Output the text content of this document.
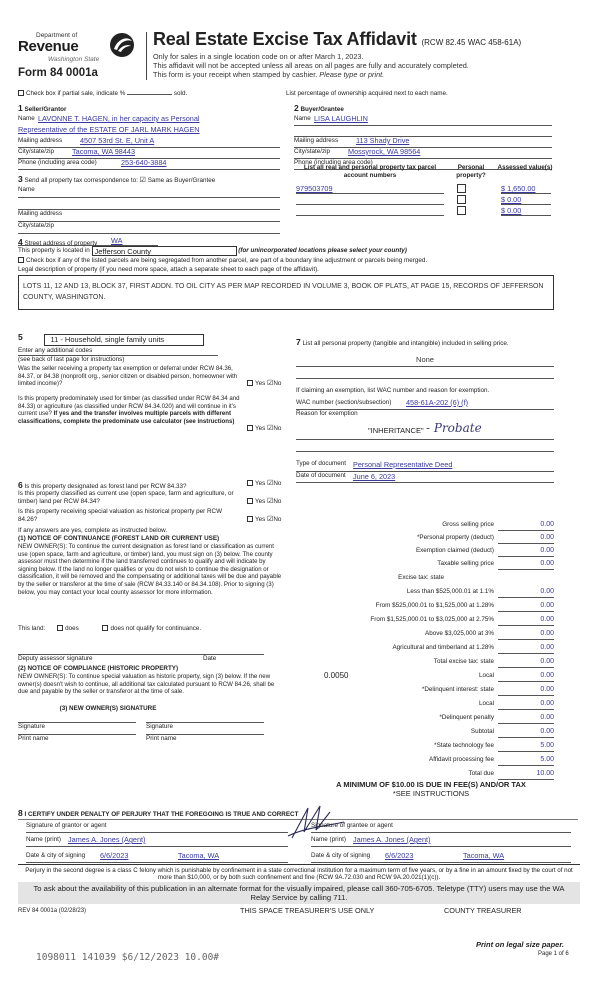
Department of
Revenue
Washington State
Form 84 0001a
Real Estate Excise Tax Affidavit (RCW 82.45 WAC 458-61A)
Only for sales in a single location code on or after March 1, 2023.
This affidavit will not be accepted unless all areas on all pages are fully and accurately completed.
This form is your receipt when stamped by cashier. Please type or print.
Check box if partial sale, indicate %	sold.	List percentage of ownership acquired next to each name.
1 Seller/Grantor
Name LAVONNE T. HAGEN, in her capacity as Personal
Representative of the ESTATE OF JARL MARK HAGEN
Mailing address 4507 53rd St. E, Unit A
City/state/zip Tacoma, WA 98443
Phone (including area code)	253-640-3884
2 Buyer/Grantee
Name LISA LAUGHLIN
Mailing address 113 Shady Drive
City/state/zip Mossyrock, WA 98564
Phone (including area code)
3 Send all property tax correspondence to: ☑ Same as Buyer/Grantee
Name
Mailing address
City/state/zip
List all real and personal property tax parcel account numbers
Personal property?
Assessed value(s)
979503709	$ 1,650.00
$ 0.00
$ 0.00
4 Street address of property WA
This property is located in Jefferson County	(for unincorporated locations please select your county)
Check box if any of the listed parcels are being segregated from another parcel, are part of a boundary line adjustment or parcels being merged.
Legal description of property (if you need more space, attach a separate sheet to each page of the affidavit).
LOTS 11, 12 AND 13, BLOCK 37, FIRST ADDN. TO OIL CITY AS PER MAP RECORDED IN VOLUME 3, BOOK OF PLATS, AT PAGE 15, RECORDS OF JEFFERSON COUNTY, WASHINGTON.
5	11 - Household, single family units
Enter any additional codes
(see back of last page for instructions)
Was the seller receiving a property tax exemption or deferral under RCW 84.36, 84.37, or 84.38 (nonprofit org., senior citizen or disabled person, homeowner with limited income)?	Yes ☑No
Is this property predominately used for timber (as classified under RCW 84.34 and 84.33) or agriculture (as classified under RCW 84.34.020) and will continue in it's current use? If yes and the transfer involves multiple parcels with different classifications, complete the predominate use calculator (see instructions)
Yes ☑No
6 Is this property designated as forest land per RCW 84.33?	Yes ☑No
Is this property classified as current use (open space, farm and agriculture, or timber) land per RCW 84.34?	Yes ☑No
Is this property receiving special valuation as historical property per RCW 84.26?	Yes ☑No
If any answers are yes, complete as instructed below.
(1) NOTICE OF CONTINUANCE (FOREST LAND OR CURRENT USE)
NEW OWNER(S): To continue the current designation as forest land or classification as current use (open space, farm and agriculture, or timber) land, you must sign on (3) below. The county assessor must then determine if the land transferred continues to qualify and will indicate by signing below. If the land no longer qualifies or you do not wish to continue the designation or classification, it will be removed and the compensating or additional taxes will be due and payable by the seller or transferor at the time of sale (RCW 84.33.140 or 84.34.108). Prior to signing (3) below, you may contact your local county assessor for more information.
This land:	does	does not qualify for continuance.
Deputy assessor signature	Date
(2) NOTICE OF COMPLIANCE (HISTORIC PROPERTY)
NEW OWNER(S): To continue special valuation as historic property, sign (3) below. If the new owner(s) doesn't wish to continue, all additional tax calculated pursuant to RCW 84.26, shall be due and payable by the seller or transferor at the time of sale.
(3) NEW OWNER(S) SIGNATURE
Signature	Signature
Print name	Print name
7 List all personal property (tangible and intangible) included in selling price.
None
If claiming an exemption, list WAC number and reason for exemption.
WAC number (section/subsection) 458-61A-202 (6) (f)
Reason for exemption
"INHERITANCE" - Probate
Type of document Personal Representative Deed
Date of document June 6, 2023
Gross selling price	0.00
*Personal property (deduct)	0.00
Exemption claimed (deduct)	0.00
Taxable selling price	0.00
Excise tax: state
Less than $525,000.01 at 1.1%	0.00
From $525,000.01 to $1,525,000 at 1.28%	0.00
From $1,525,000.01 to $3,025,000 at 2.75%	0.00
Above $3,025,000 at 3%	0.00
Agricultural and timberland at 1.28%	0.00
Total excise tax: state	0.00
0.0050	Local	0.00
*Delinquent interest: state	0.00
Local	0.00
*Delinquent penalty	0.00
Subtotal	0.00
*State technology fee	5.00
Affidavit processing fee	5.00
Total due	10.00
A MINIMUM OF $10.00 IS DUE IN FEE(S) AND/OR TAX
*SEE INSTRUCTIONS
8 I CERTIFY UNDER PENALTY OF PERJURY THAT THE FOREGOING IS TRUE AND CORRECT
Signature of grantor or agent
Name (print) James A. Jones (Agent)
Date & city of signing 6/6/2023	Tacoma, WA
Signature of grantee or agent
Name (print) James A. Jones (Agent)
Date & city of signing 6/6/2023	Tacoma, WA
Perjury in the second degree is a class C felony which is punishable by confinement in a state correctional institution for a maximum term of five years, or by a fine in an amount fixed by the court of not more than $10,000, or by both such confinement and fine (RCW 9A.72.030 and RCW 9A.20.021(1)(c)).
To ask about the availability of this publication in an alternate format for the visually impaired, please call 360-705-6705. Teletype (TTY) users may use the WA Relay Service by calling 711.
REV 84 0001a (02/28/23)	THIS SPACE TREASURER'S USE ONLY	COUNTY TREASURER
1098011 141039 $6/12/2023 10.00#
Print on legal size paper.
Page 1 of 6
